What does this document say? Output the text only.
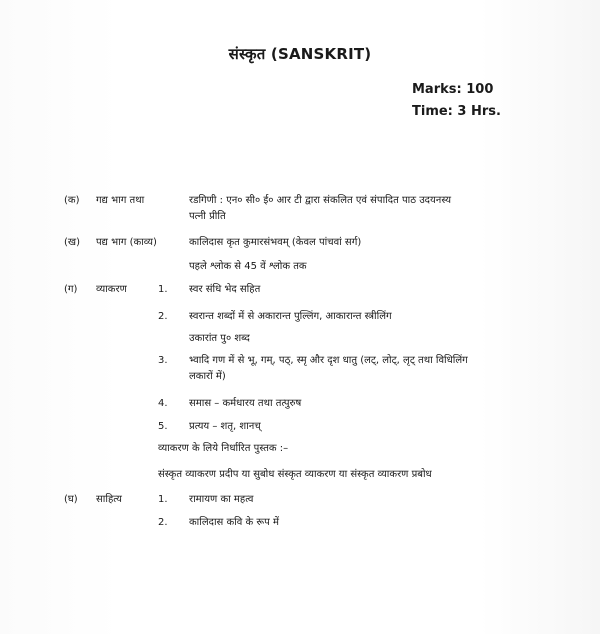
संस्कृत (SANSKRIT)
Marks: 100
Time: 3 Hrs.
(क) गद्य भाग तथा	रडगिणी : एन० सी० ई० आर टी द्वारा संकलित एवं संपादित पाठ उदयनस्य
पत्नी प्रीति
(ख) पद्य भाग (काव्य)	कालिदास कृत कुमारसंभवम् (केवल पांचवां सर्ग)
पहले श्लोक से 45 वें श्लोक तक
(ग) व्याकरण	1. स्वर संधि भेद सहित
2. स्वरान्त शब्दों में से अकारान्त पुल्लिंग, आकारान्त स्त्रीलिंग
उकारांत पु० शब्द
3. भ्वादि गण में से भू, गम्, पठ्, स्मृ और दृश धातु (लट्, लोट्, लृट् तथा विधिलिंग
लकारों में)
4. समास – कर्मधारय तथा तत्पुरुष
5. प्रत्यय – शतृ, शानच्
व्याकरण के लिये निर्धारित पुस्तक :–
संस्कृत व्याकरण प्रदीप या सुबोध संस्कृत व्याकरण या संस्कृत व्याकरण प्रबोध
(घ) साहित्य	1. रामायण का महत्व
2. कालिदास कवि के रूप में
